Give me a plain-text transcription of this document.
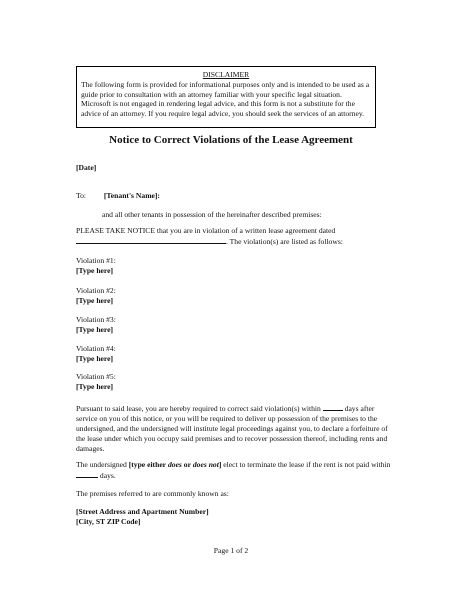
DISCLAIMER
The following form is provided for informational purposes only and is intended to be used as a guide prior to consultation with an attorney familiar with your specific legal situation. Microsoft is not engaged in rendering legal advice, and this form is not a substitute for the advice of an attorney. If you require legal advice, you should seek the services of an attorney.
Notice to Correct Violations of the Lease Agreement
[Date]
To: [Tenant's Name]:
and all other tenants in possession of the hereinafter described premises:
PLEASE TAKE NOTICE that you are in violation of a written lease agreement dated . The violation(s) are listed as follows:
Violation #1:
[Type here]
Violation #2:
[Type here]
Violation #3:
[Type here]
Violation #4:
[Type here]
Violation #5:
[Type here]
Pursuant to said lease, you are hereby required to correct said violation(s) within	days after service on you of this notice, or you will be required to deliver up possession of the premises to the undersigned, and the undersigned will institute legal proceedings against you, to declare a forfeiture of the lease under which you occupy said premises and to recover possession thereof, including rents and damages.
The undersigned [type either does or does not] elect to terminate the lease if the rent is not paid within  days.
The premises referred to are commonly known as:
[Street Address and Apartment Number]
[City, ST ZIP Code]
Page 1 of 2
